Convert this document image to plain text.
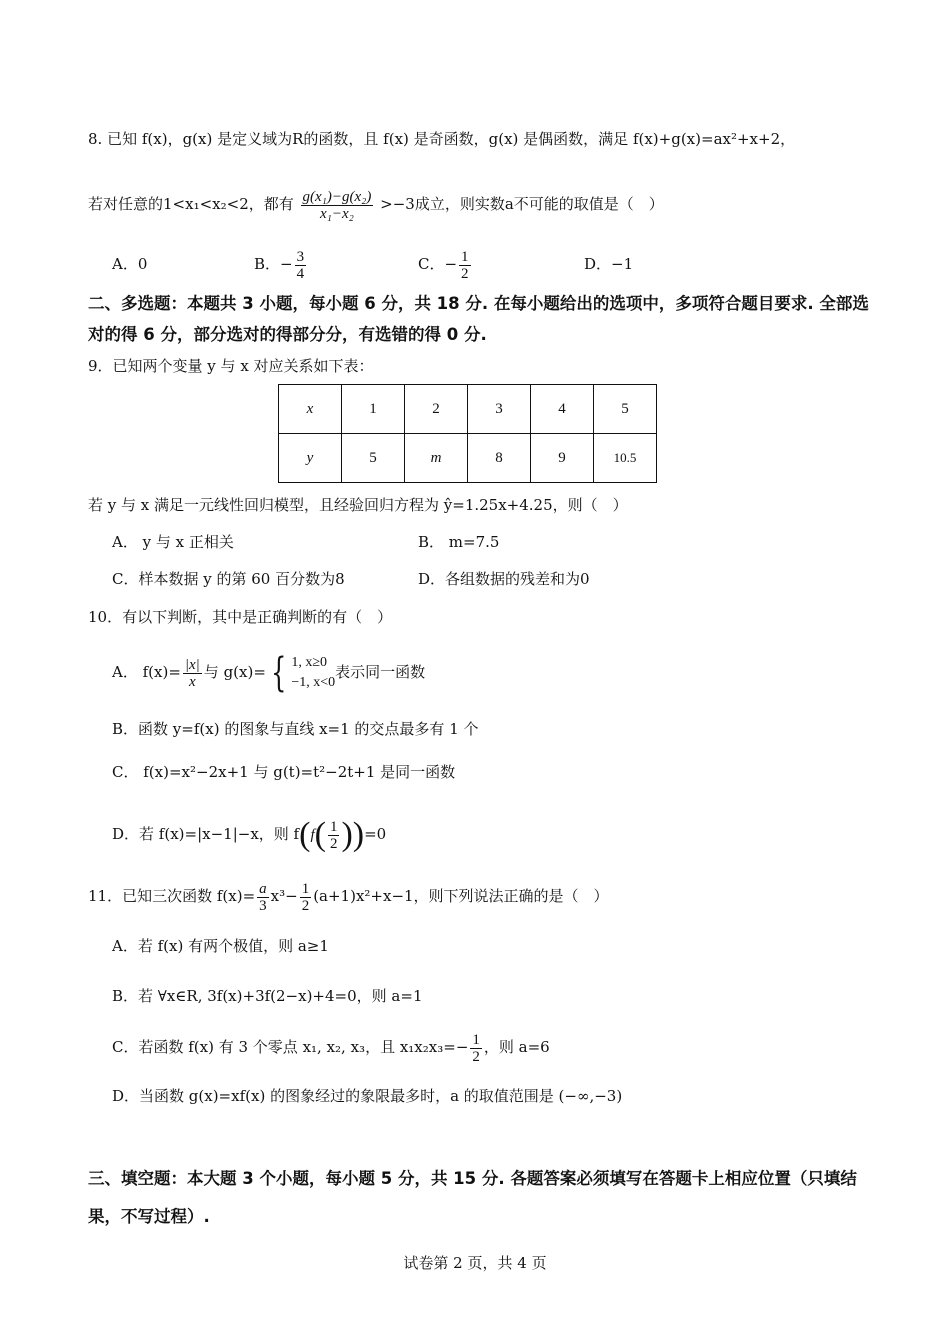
8. 已知 f(x)，g(x) 是定义域为R的函数，且 f(x) 是奇函数，g(x) 是偶函数，满足 f(x)+g(x)=ax²+x+2，
若对任意的1<x₁<x₂<2，都有 $\frac{\text{g(x₁)−g(x₂)}}{\text{x₁−x₂}} >-3$成立，则实数a不可能的取值是（　）
A．0	B．− $\frac{3}{4}$	C．− $\frac{1}{2}$	D．−1
二、多选题：本题共 3 小题，每小题 6 分，共 18 分. 在每小题给出的选项中，多项符合题目要求. 全部选对的得 6 分，部分选对的得部分分，有选错的得 0 分.
9．已知两个变量 y 与 x 对应关系如下表：
x	1	2	3	4	5
y	5	m	8	9	10.5
若 y 与 x 满足一元线性回归模型，且经验回归方程为 ŷ=1.25x+4.25，则（　）
A． y 与 x 正相关	B． m=7.5
C．样本数据 y 的第 60 百分数为8	D．各组数据的残差和为0
10．有以下判断，其中是正确判断的有（　）
A． $f(x)= \frac{|x|}{x}$ 与 g(x)= { 1, x≥0
−1, x<0
表示同一函数
B．函数 y=f(x) 的图象与直线 x=1 的交点最多有 1 个
C． f(x)=x²−2x+1 与 g(t)=t²−2t+1 是同一函数
D．若 f(x)=|x−1|−x，则 $f(f( \frac{1}{2} ))=0$
11．已知三次函数 $f(x)= \frac{a}{3} x^3- \frac{1}{2} (a+1)x^2+x-1$，则下列说法正确的是（　）
A．若 f(x) 有两个极值，则 a≥1
B．若 ∀x∈R, 3f(x)+3f(2−x)+4=0，则 a=1
C．若函数 f(x) 有 3 个零点 x₁, x₂, x₃，且 $x_1x_2x_3=- \frac{1}{2}$ ，则 a=6
D．当函数 g(x)=xf(x) 的图象经过的象限最多时，a 的取值范围是 (−∞,−3)
三、填空题：本大题 3 个小题，每小题 5 分，共 15 分. 各题答案必须填写在答题卡上相应位置（只填结果，不写过程）.
试卷第 2 页，共 4 页
